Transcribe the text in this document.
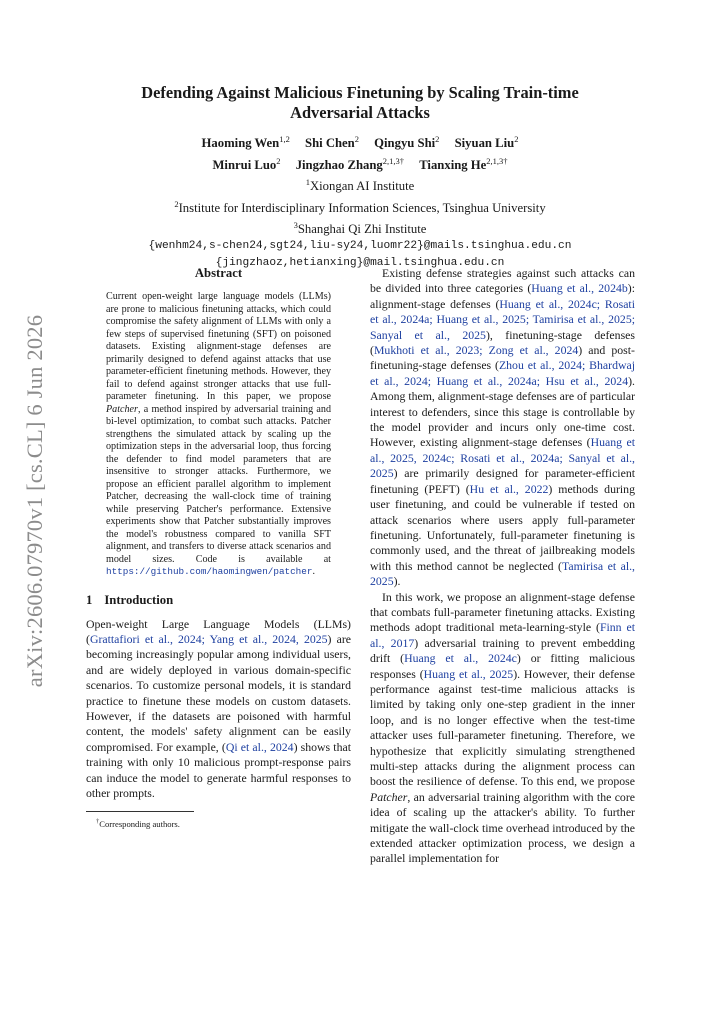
arXiv:2606.07970v1 [cs.CL] 6 Jun 2026
Defending Against Malicious Finetuning by Scaling Train-time Adversarial Attacks
Haoming Wen$^{1,2}$ Shi Chen$^2$ Qingyu Shi$^2$ Siyuan Liu$^2$
Minrui Luo$^2$ Jingzhao Zhang$^{2,1,3\dagger}$ Tianxing $He^{2,1,3\dagger}$
$^1$Xiongan AI Institute
$^2$Institute for Interdisciplinary Information Sciences, Tsinghua University
$^3$Shanghai Qi Zhi Institute
{wenhm24,s-chen24,sgt24,liu-sy24,luomr22}@mails.tsinghua.edu.cn
{jingzhaoz,hetianxing}@mail.tsinghua.edu.cn
Abstract

Current open-weight large language models (LLMs) are prone to malicious finetuning attacks, which could compromise the safety alignment of LLMs with only a few steps of supervised finetuning (SFT) on poisoned datasets. Existing alignment-stage defenses are primarily designed to defend against attacks that use parameter-efficient finetuning methods. However, they fail to defend against stronger attacks that use full-parameter finetuning. In this paper, we propose Patcher, a method inspired by adversarial training and bi-level optimization, to combat such attacks. Patcher strengthens the simulated attack by scaling up the optimization steps in the adversarial loop, thus forcing the defender to find model parameters that are insensitive to stronger attacks. Furthermore, we propose an efficient parallel algorithm to implement Patcher, decreasing the wall-clock time of training while preserving Patcher's performance. Extensive experiments show that Patcher substantially improves the model's robustness compared to vanilla SFT alignment, and transfers to diverse attack scenarios and model sizes. Code is available at https://github.com/haomingwen/patcher.

1 Introduction

Open-weight Large Language Models (LLMs) (Grattafiori et al., 2024; Yang et al., 2024, 2025) are becoming increasingly popular among individual users, and are widely deployed in various domain-specific scenarios. To customize personal models, it is standard practice to finetune these models on custom datasets. However, if the datasets are poisoned with harmful content, the models' safety alignment can be easily compromised. For example, (Qi et al., 2024) shows that training with only 10 malicious prompt-response pairs can induce the model to generate harmful responses to other prompts.

†Corresponding authors.

Existing defense strategies against such attacks can be divided into three categories (Huang et al., 2024b): alignment-stage defenses (Huang et al., 2024c; Rosati et al., 2024a; Huang et al., 2025; Tamirisa et al., 2025; Sanyal et al., 2025), finetuning-stage defenses (Mukhoti et al., 2023; Zong et al., 2024) and post-finetuning-stage defenses (Zhou et al., 2024; Bhardwaj et al., 2024; Huang et al., 2024a; Hsu et al., 2024). Among them, alignment-stage defenses are of particular interest to defenders, since this stage is controllable by the model provider and incurs only one-time cost. However, existing alignment-stage defenses (Huang et al., 2025, 2024c; Rosati et al., 2024a; Sanyal et al., 2025) are primarily designed for parameter-efficient finetuning (PEFT) (Hu et al., 2022) methods during user finetuning, and could be vulnerable if tested on attack scenarios where users apply full-parameter finetuning. Unfortunately, full-parameter finetuning is commonly used, and the threat of jailbreaking models with this method cannot be neglected (Tamirisa et al., 2025).

In this work, we propose an alignment-stage defense that combats full-parameter finetuning attacks. Existing methods adopt traditional meta-learning-style (Finn et al., 2017) adversarial training to prevent embedding drift (Huang et al., 2024c) or fitting malicious responses (Huang et al., 2025). However, their defense performance against test-time malicious attacks is limited by taking only one-step gradient in the inner loop, and is no longer effective when the test-time attacker uses full-parameter finetuning. Therefore, we hypothesize that explicitly simulating strengthened multi-step attacks during the alignment process can boost the resilience of defense. To this end, we propose Patcher, an adversarial training algorithm with the core idea of scaling up the attacker's ability. To further mitigate the wall-clock time overhead introduced by the extended attacker optimization process, we design a parallel implementation for
